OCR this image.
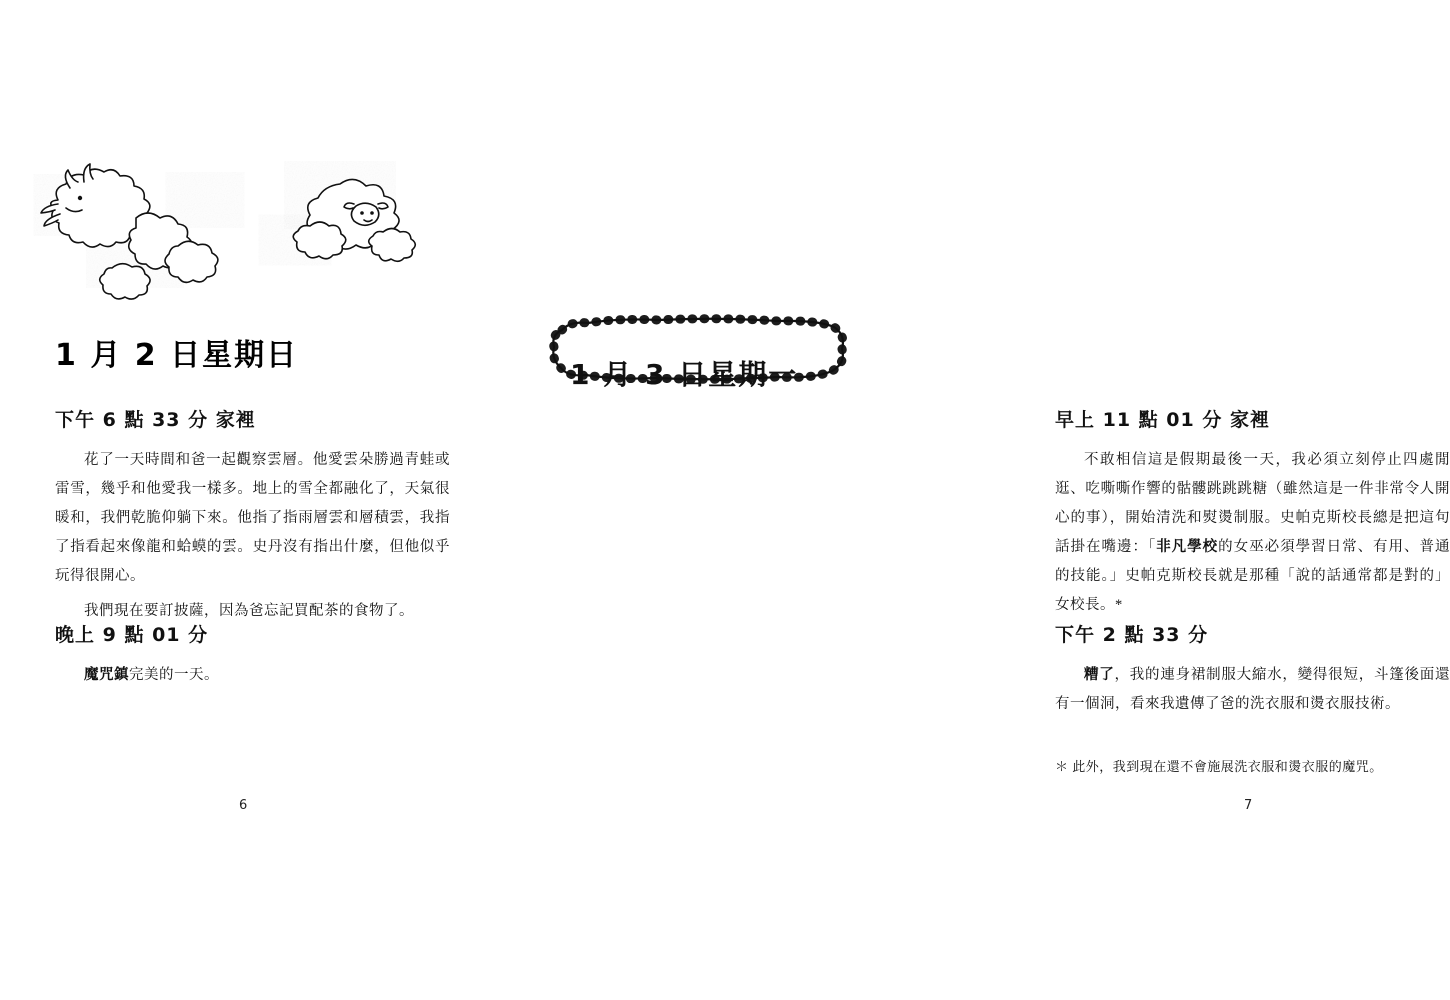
1 月 2 日星期日
下午 6 點 33 分 家裡

花了一天時間和爸一起觀察雲層。他愛雲朵勝過青蛙或雷雪，幾乎和他愛我一樣多。地上的雪全都融化了，天氣很暖和，我們乾脆仰躺下來。他指了指雨層雲和層積雲，我指了指看起來像龍和蛤蟆的雲。史丹沒有指出什麼，但他似乎玩得很開心。

我們現在要訂披薩，因為爸忘記買配茶的食物了。

晚上 9 點 01 分

魔咒鎮完美的一天。

6
1 月 3 日星期一
早上 11 點 01 分 家裡

不敢相信這是假期最後一天，我必須立刻停止四處閒逛、吃嘶嘶作響的骷髏跳跳跳糖（雖然這是一件非常令人開心的事），開始清洗和熨燙制服。史帕克斯校長總是把這句話掛在嘴邊：「非凡學校的女巫必須學習日常、有用、普通的技能。」史帕克斯校長就是那種「說的話通常都是對的」女校長。*

下午 2 點 33 分

糟了，我的連身裙制服大縮水，變得很短，斗篷後面還有一個洞，看來我遺傳了爸的洗衣服和燙衣服技術。

＊ 此外，我到現在還不會施展洗衣服和燙衣服的魔咒。
7
